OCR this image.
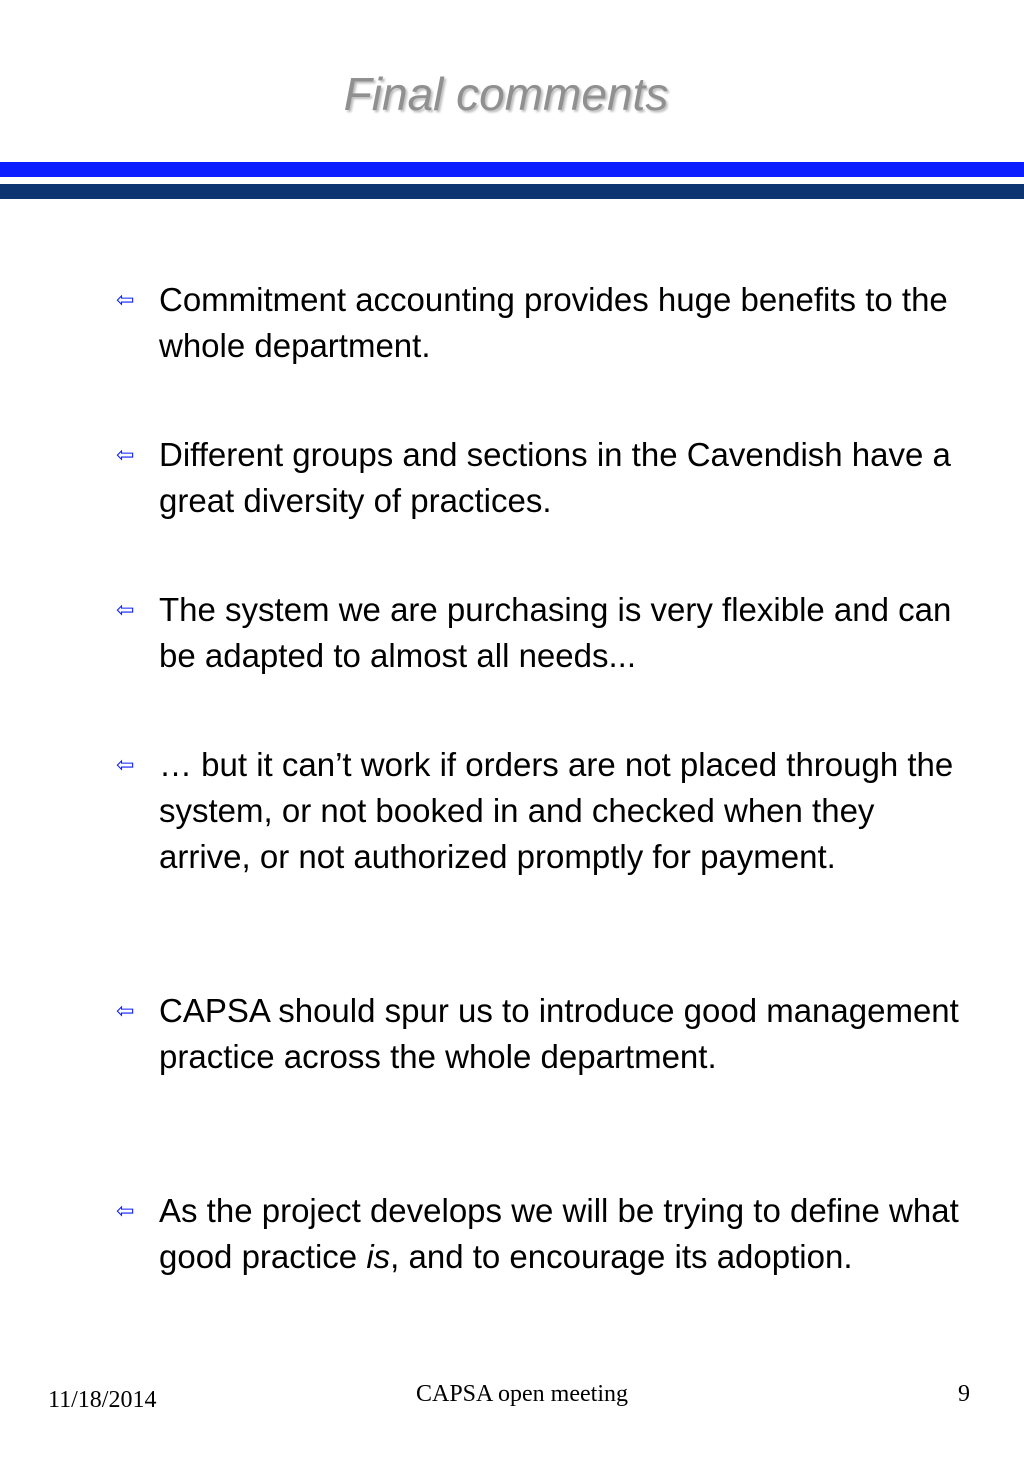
Final comments
⇦ Commitment accounting provides huge benefits to the whole department.
⇦ Different groups and sections in the Cavendish have a great diversity of practices.
⇦ The system we are purchasing is very flexible and can be adapted to almost all needs...
⇦ … but it can’t work if orders are not placed through the system, or not booked in and checked when they arrive, or not authorized promptly for payment.
⇦ CAPSA should spur us to introduce good management practice across the whole department.
⇦ As the project develops we will be trying to define what good practice is, and to encourage its adoption.
11/18/2014	CAPSA open meeting	9
